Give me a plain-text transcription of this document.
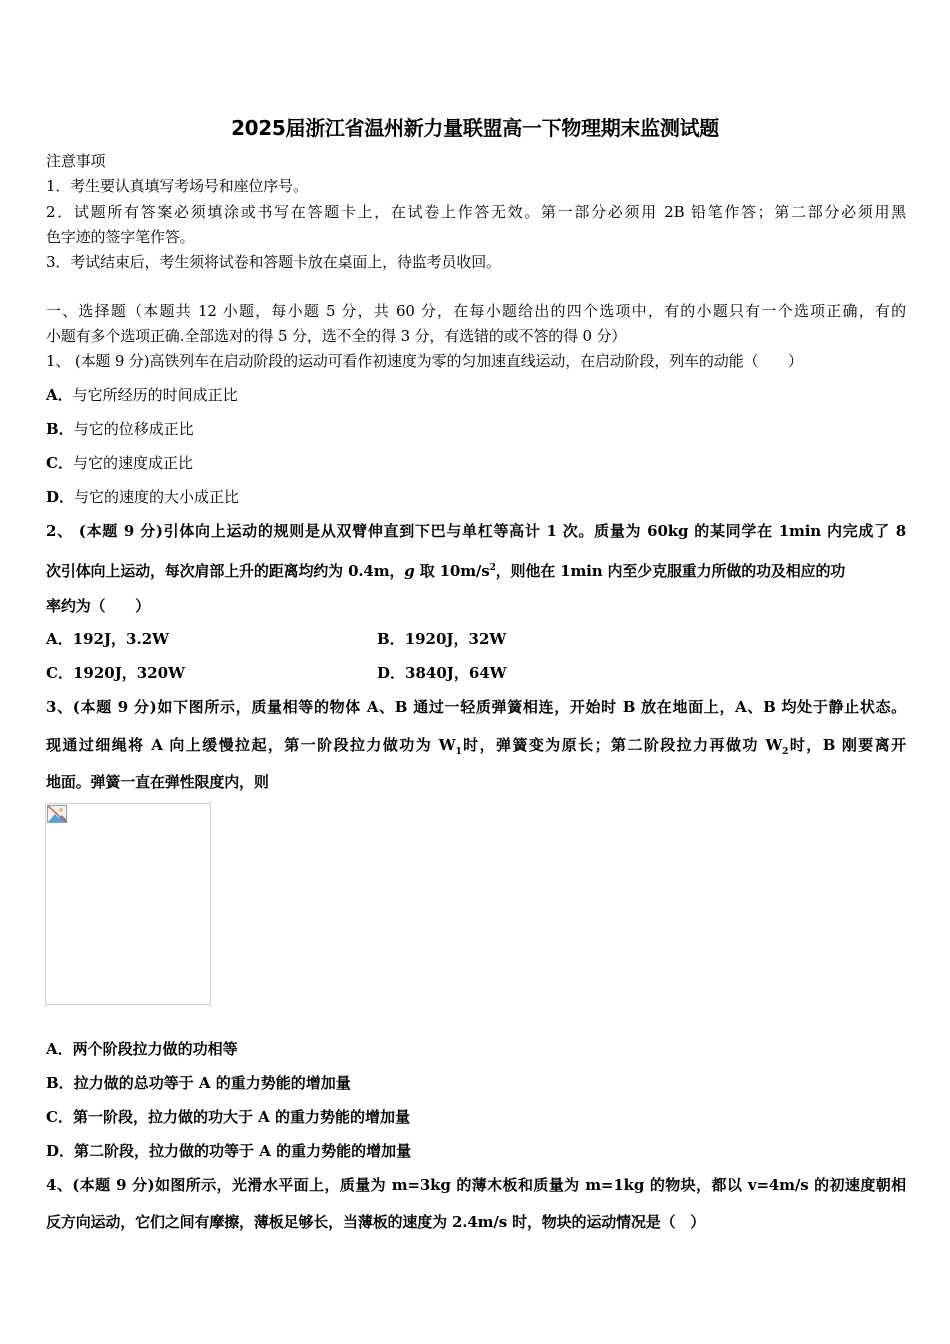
2025届浙江省温州新力量联盟高一下物理期末监测试题
注意事项
1．考生要认真填写考场号和座位序号。
2．试题所有答案必须填涂或书写在答题卡上，在试卷上作答无效。第一部分必须用 2B 铅笔作答；第二部分必须用黑
色字迹的签字笔作答。
3．考试结束后，考生须将试卷和答题卡放在桌面上，待监考员收回。
一、选择题（本题共 12 小题，每小题 5 分，共 60 分，在每小题给出的四个选项中，有的小题只有一个选项正确，有的
小题有多个选项正确.全部选对的得 5 分，选不全的得 3 分，有选错的或不答的得 0 分）
1、 (本题 9 分)高铁列车在启动阶段的运动可看作初速度为零的匀加速直线运动，在启动阶段，列车的动能（　　）
A．与它所经历的时间成正比
B．与它的位移成正比
C．与它的速度成正比
D．与它的速度的大小成正比
2、 (本题 9 分)引体向上运动的规则是从双臂伸直到下巴与单杠等高计 1 次。质量为 60kg 的某同学在 1min 内完成了 8
次引体向上运动，每次肩部上升的距离均约为 0.4m，g 取 $10m/s^2$，则他在 1min 内至少克服重力所做的功及相应的功
率约为（　　）
A．192J，3.2W	B．1920J，32W
C．1920J，320W	D．3840J，64W
3、(本题 9 分)如下图所示，质量相等的物体 A、B 通过一轻质弹簧相连，开始时 B 放在地面上，A、B 均处于静止状态。
现通过细绳将 A 向上缓慢拉起，第一阶段拉力做功为 $W_1$时，弹簧变为原长；第二阶段拉力再做功 $W_2$时，B 刚要离开
地面。弹簧一直在弹性限度内，则
A．两个阶段拉力做的功相等
B．拉力做的总功等于 A 的重力势能的增加量
C．第一阶段，拉力做的功大于 A 的重力势能的增加量
D．第二阶段，拉力做的功等于 A 的重力势能的增加量
4、(本题 9 分)如图所示，光滑水平面上，质量为 m=3kg 的薄木板和质量为 m=1kg 的物块，都以 v=4m/s 的初速度朝相
反方向运动，它们之间有摩擦，薄板足够长，当薄板的速度为 2.4m/s 时，物块的运动情况是（　）
